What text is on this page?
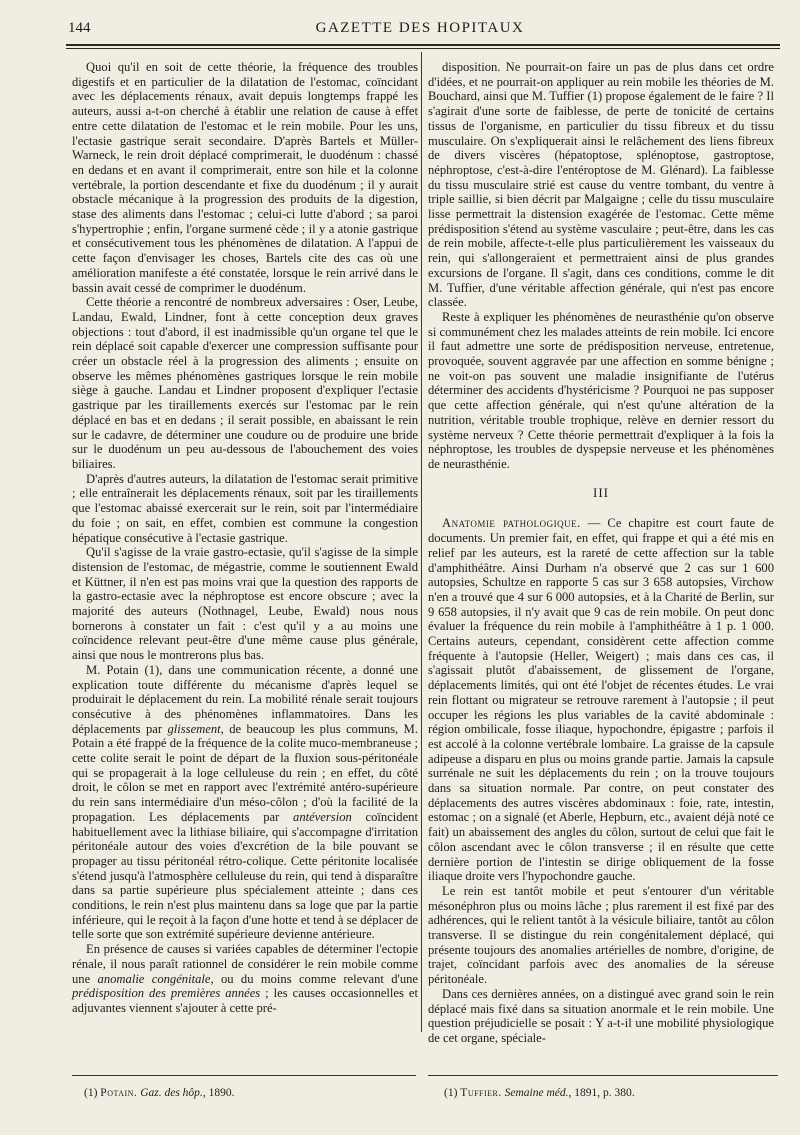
144	GAZETTE DES HOPITAUX

Quoi qu'il en soit de cette théorie, la fréquence des troubles digestifs et en particulier de la dilatation de l'estomac, coïncidant avec les déplacements rénaux, avait depuis longtemps frappé les auteurs, aussi a-t-on cherché à établir une relation de cause à effet entre cette dilatation de l'estomac et le rein mobile. Pour les uns, l'ectasie gastrique serait secondaire. D'après Bartels et Müller-Warneck, le rein droit déplacé comprimerait, le duodénum : chassé en dedans et en avant il comprimerait, entre son hile et la colonne vertébrale, la portion descendante et fixe du duodénum ; il y aurait obstacle mécanique à la progression des produits de la digestion, stase des aliments dans l'estomac ; celui-ci lutte d'abord ; sa paroi s'hypertrophie ; enfin, l'organe surmené cède ; il y a atonie gastrique et consécutivement tous les phénomènes de dilatation. A l'appui de cette façon d'envisager les choses, Bartels cite des cas où une amélioration manifeste a été constatée, lorsque le rein arrivé dans le bassin avait cessé de comprimer le duodénum.

Cette théorie a rencontré de nombreux adversaires : Oser, Leube, Landau, Ewald, Lindner, font à cette conception deux graves objections : tout d'abord, il est inadmissible qu'un organe tel que le rein déplacé soit capable d'exercer une compression suffisante pour créer un obstacle réel à la progression des aliments ; ensuite on observe les mêmes phénomènes gastriques lorsque le rein mobile siège à gauche. Landau et Lindner proposent d'expliquer l'ectasie gastrique par les tiraillements exercés sur l'estomac par le rein déplacé en bas et en dedans ; il serait possible, en abaissant le rein sur le cadavre, de déterminer une coudure ou de produire une bride sur le duodénum un peu au-dessous de l'abouchement des voies biliaires.

D'après d'autres auteurs, la dilatation de l'estomac serait primitive ; elle entraînerait les déplacements rénaux, soit par les tiraillements que l'estomac abaissé exercerait sur le rein, soit par l'intermédiaire du foie ; on sait, en effet, combien est commune la congestion hépatique consécutive à l'ectasie gastrique.

Qu'il s'agisse de la vraie gastro-ectasie, qu'il s'agisse de la simple distension de l'estomac, de mégastrie, comme le soutiennent Ewald et Küttner, il n'en est pas moins vrai que la question des rapports de la gastro-ectasie avec la néphroptose est encore obscure ; avec la majorité des auteurs (Nothnagel, Leube, Ewald) nous nous bornerons à constater un fait : c'est qu'il y a au moins une coïncidence relevant peut-être d'une même cause plus générale, ainsi que nous le montrerons plus bas.

M. Potain (1), dans une communication récente, a donné une explication toute différente du mécanisme d'après lequel se produirait le déplacement du rein. La mobilité rénale serait toujours consécutive à des phénomènes inflammatoires. Dans les déplacements par glissement, de beaucoup les plus communs, M. Potain a été frappé de la fréquence de la colite muco-membraneuse ; cette colite serait le point de départ de la fluxion sous-péritonéale qui se propagerait à la loge celluleuse du rein ; en effet, du côté droit, le côlon se met en rapport avec l'extrémité antéro-supérieure du rein sans intermédiaire d'un méso-côlon ; d'où la facilité de la propagation. Les déplacements par antéversion coïncident habituellement avec la lithiase biliaire, qui s'accompagne d'irritation péritonéale autour des voies d'excrétion de la bile pouvant se propager au tissu péritonéal rétro-colique. Cette péritonite localisée s'étend jusqu'à l'atmosphère celluleuse du rein, qui tend à disparaître dans sa partie supérieure plus spécialement atteinte ; dans ces conditions, le rein n'est plus maintenu dans sa loge que par la partie inférieure, qui le reçoit à la façon d'une hotte et tend à se déplacer de telle sorte que son extrémité supérieure devienne antérieure.

En présence de causes si variées capables de déterminer l'ectopie rénale, il nous paraît rationnel de considérer le rein mobile comme une anomalie congénitale, ou du moins comme relevant d'une prédisposition des premières années ; les causes occasionnelles et adjuvantes viennent s'ajouter à cette pré-

disposition. Ne pourrait-on faire un pas de plus dans cet ordre d'idées, et ne pourrait-on appliquer au rein mobile les théories de M. Bouchard, ainsi que M. Tuffier (1) propose également de le faire ? Il s'agirait d'une sorte de faiblesse, de perte de tonicité de certains tissus de l'organisme, en particulier du tissu fibreux et du tissu musculaire. On s'expliquerait ainsi le relâchement des liens fibreux de divers viscères (hépatoptose, splénoptose, gastroptose, néphroptose, c'est-à-dire l'entéroptose de M. Glénard). La faiblesse du tissu musculaire strié est cause du ventre tombant, du ventre à triple saillie, si bien décrit par Malgaigne ; celle du tissu musculaire lisse permettrait la distension exagérée de l'estomac. Cette même prédisposition s'étend au système vasculaire ; peut-être, dans les cas de rein mobile, affecte-t-elle plus particulièrement les vaisseaux du rein, qui s'allongeraient et permettraient ainsi de plus grandes excursions de l'organe. Il s'agit, dans ces conditions, comme le dit M. Tuffier, d'une véritable affection générale, qui n'est pas encore classée.

Reste à expliquer les phénomènes de neurasthénie qu'on observe si communément chez les malades atteints de rein mobile. Ici encore il faut admettre une sorte de prédisposition nerveuse, entretenue, provoquée, souvent aggravée par une affection en somme bénigne ; ne voit-on pas souvent une maladie insignifiante de l'utérus déterminer des accidents d'hystéricisme ? Pourquoi ne pas supposer que cette affection générale, qui n'est qu'une altération de la nutrition, véritable trouble trophique, relève en dernier ressort du système nerveux ? Cette théorie permettrait d'expliquer à la fois la néphroptose, les troubles de dyspepsie nerveuse et les phénomènes de neurasthénie.

III

Anatomie pathologique. — Ce chapitre est court faute de documents. Un premier fait, en effet, qui frappe et qui a été mis en relief par les auteurs, est la rareté de cette affection sur la table d'amphithéâtre. Ainsi Durham n'a observé que 2 cas sur 1 600 autopsies, Schultze en rapporte 5 cas sur 3 658 autopsies, Virchow n'en a trouvé que 4 sur 6 000 autopsies, et à la Charité de Berlin, sur 9 658 autopsies, il n'y avait que 9 cas de rein mobile. On peut donc évaluer la fréquence du rein mobile à l'amphithéâtre à 1 p. 1 000. Certains auteurs, cependant, considèrent cette affection comme fréquente à l'autopsie (Heller, Weigert) ; mais dans ces cas, il s'agissait plutôt d'abaissement, de glissement de l'organe, déplacements limités, qui ont été l'objet de récentes études. Le vrai rein flottant ou migrateur se retrouve rarement à l'autopsie ; il peut occuper les régions les plus variables de la cavité abdominale : région ombilicale, fosse iliaque, hypochondre, épigastre ; parfois il est accolé à la colonne vertébrale lombaire. La graisse de la capsule adipeuse a disparu en plus ou moins grande partie. Jamais la capsule surrénale ne suit les déplacements du rein ; on la trouve toujours dans sa situation normale. Par contre, on peut constater des déplacements des autres viscères abdominaux : foie, rate, intestin, estomac ; on a signalé (et Aberle, Hepburn, etc., avaient déjà noté ce fait) un abaissement des angles du côlon, surtout de celui que fait le côlon ascendant avec le côlon transverse ; il en résulte que cette dernière portion de l'intestin se dirige obliquement de la fosse iliaque droite vers l'hypochondre gauche.

Le rein est tantôt mobile et peut s'entourer d'un véritable mésonéphron plus ou moins lâche ; plus rarement il est fixé par des adhérences, qui le relient tantôt à la vésicule biliaire, tantôt au côlon transverse. Il se distingue du rein congénitalement déplacé, qui présente toujours des anomalies artérielles de nombre, d'origine, de trajet, coïncidant parfois avec des anomalies de la séreuse péritonéale.

Dans ces dernières années, on a distingué avec grand soin le rein déplacé mais fixé dans sa situation anormale et le rein mobile. Une question préjudicielle se posait : Y a-t-il une mobilité physiologique de cet organe, spéciale-

(1) Potain. Gaz. des hôp., 1890.	(1) Tuffier. Semaine méd., 1891, p. 380.
